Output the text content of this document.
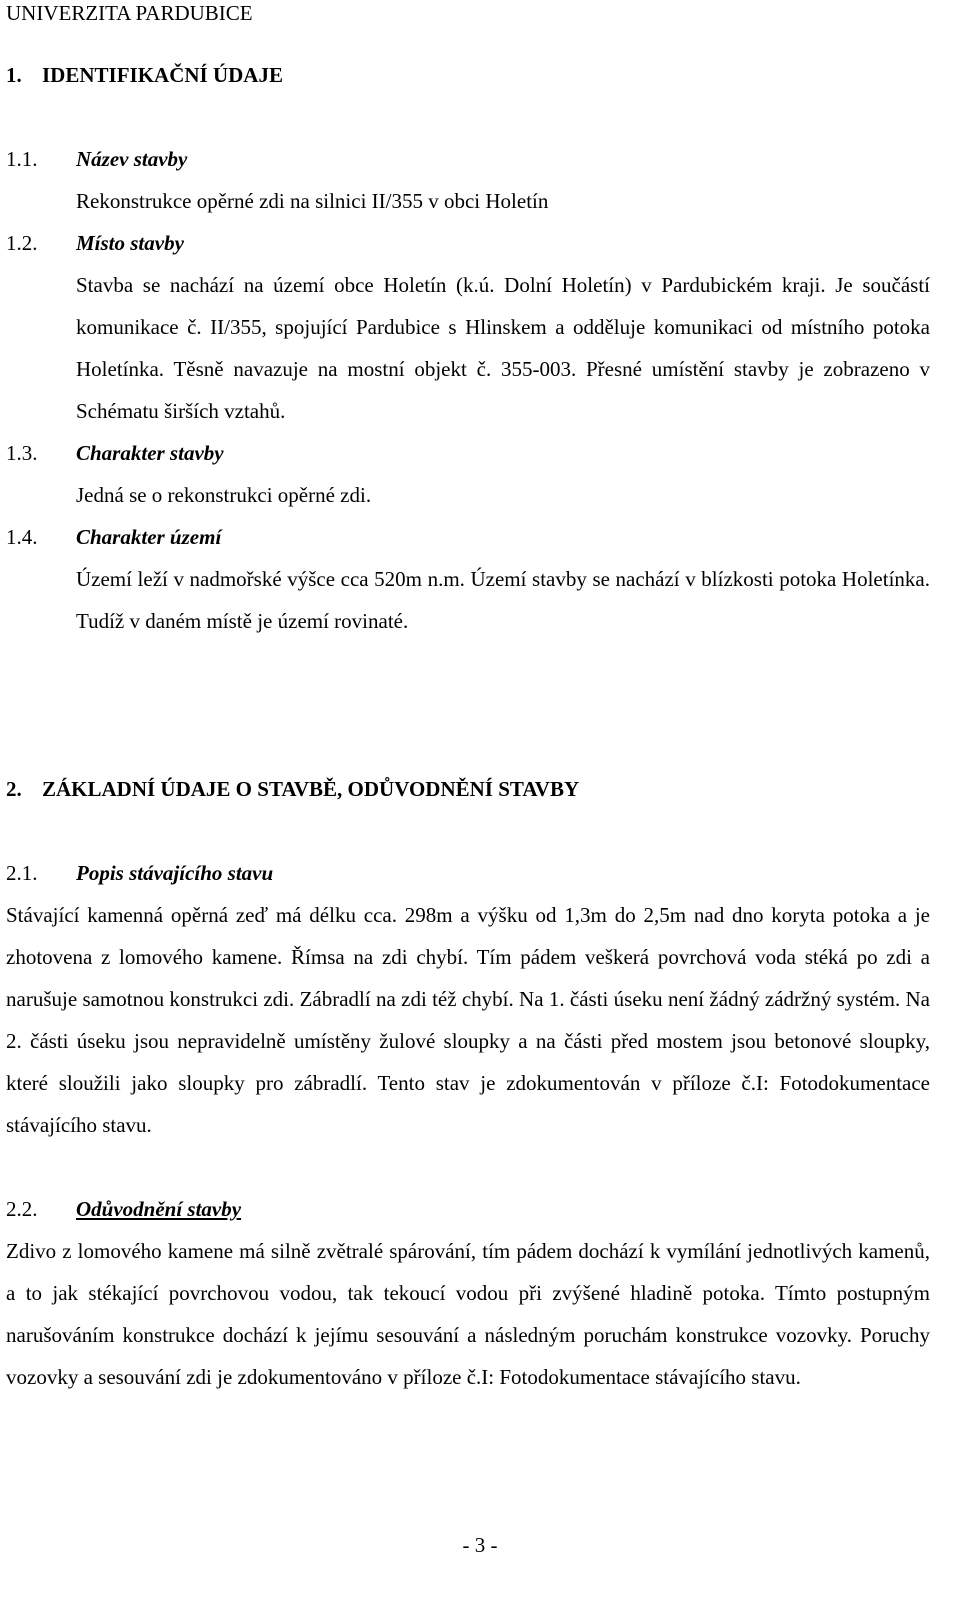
UNIVERZITA PARDUBICE
1. IDENTIFIKAČNÍ ÚDAJE
1.1.	Název stavby
Rekonstrukce opěrné zdi na silnici II/355 v obci Holetín
1.2.	Místo stavby
Stavba se nachází na území obce Holetín (k.ú. Dolní Holetín) v Pardubickém kraji. Je součástí komunikace č. II/355, spojující Pardubice s Hlinskem a odděluje komunikaci od místního potoka Holetínka. Těsně navazuje na mostní objekt č. 355-003. Přesné umístění stavby je zobrazeno v Schématu širších vztahů.
1.3.	Charakter stavby
Jedná se o rekonstrukci opěrné zdi.
1.4.	Charakter území
Území leží v nadmořské výšce cca 520m n.m. Území stavby se nachází v blízkosti potoka Holetínka. Tudíž v daném místě je území rovinaté.
2. ZÁKLADNÍ ÚDAJE O STAVBĚ, ODŮVODNĚNÍ STAVBY
2.1.	Popis stávajícího stavu
Stávající kamenná opěrná zeď má délku cca. 298m a výšku od 1,3m do 2,5m nad dno koryta potoka a je zhotovena z lomového kamene. Římsa na zdi chybí. Tím pádem veškerá povrchová voda stéká po zdi a narušuje samotnou konstrukci zdi. Zábradlí na zdi též chybí. Na 1. části úseku není žádný zádržný systém. Na 2. části úseku jsou nepravidelně umístěny žulové sloupky a na části před mostem jsou betonové sloupky, které sloužili jako sloupky pro zábradlí. Tento stav je zdokumentován v příloze č.I: Fotodokumentace stávajícího stavu.
2.2.	Odůvodnění stavby
Zdivo z lomového kamene má silně zvětralé spárování, tím pádem dochází k vymílání jednotlivých kamenů, a to jak stékající povrchovou vodou, tak tekoucí vodou při zvýšené hladině potoka. Tímto postupným narušováním konstrukce dochází k jejímu sesouvání a následným poruchám konstrukce vozovky. Poruchy vozovky a sesouvání zdi je zdokumentováno v příloze č.I: Fotodokumentace stávajícího stavu.
- 3 -
